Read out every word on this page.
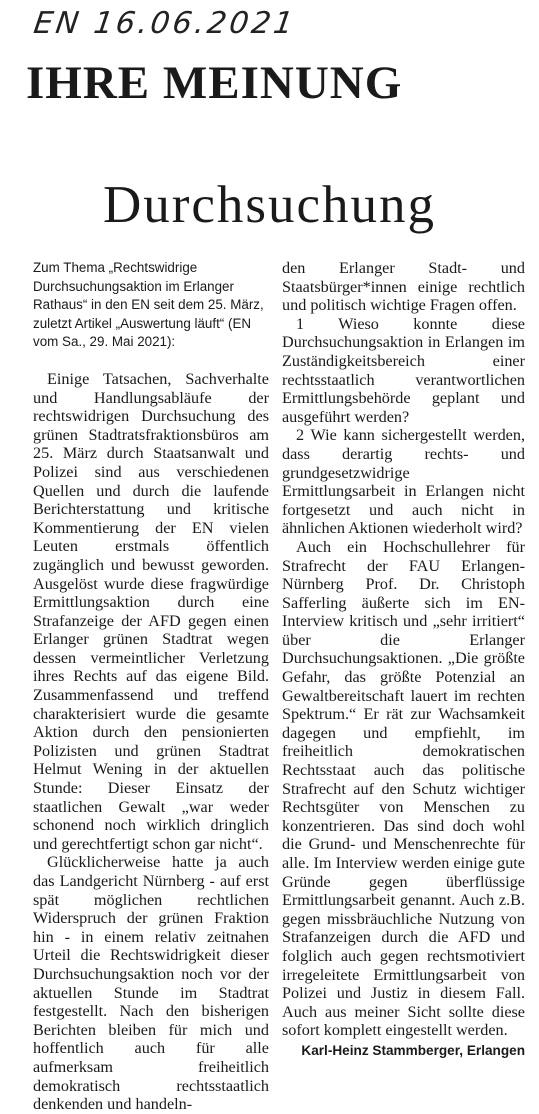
EN 16.06.2021
IHRE MEINUNG
Durchsuchung

Zum Thema „Rechtswidrige Durchsuchungsaktion im Erlanger Rathaus“ in den EN seit dem 25. März, zuletzt Artikel „Auswertung läuft“ (EN vom Sa., 29. Mai 2021):

Einige Tatsachen, Sachverhalte und Handlungsabläufe der rechtswidrigen Durchsuchung des grünen Stadtratsfraktionsbüros am 25. März durch Staatsanwalt und Polizei sind aus verschiedenen Quellen und durch die laufende Berichterstattung und kritische Kommentierung der EN vielen Leuten erstmals öffentlich zugänglich und bewusst geworden. Ausgelöst wurde diese fragwürdige Ermittlungsaktion durch eine Strafanzeige der AFD gegen einen Erlanger grünen Stadtrat wegen dessen vermeintlicher Verletzung ihres Rechts auf das eigene Bild. Zusammenfassend und treffend charakterisiert wurde die gesamte Aktion durch den pensionierten Polizisten und grünen Stadtrat Helmut Wening in der aktuellen Stunde: Dieser Einsatz der staatlichen Gewalt „war weder schonend noch wirklich dringlich und gerechtfertigt schon gar nicht“.

Glücklicherweise hatte ja auch das Landgericht Nürnberg - auf erst spät möglichen rechtlichen Widerspruch der grünen Fraktion hin - in einem relativ zeitnahen Urteil die Rechtswidrigkeit dieser Durchsuchungsaktion noch vor der aktuellen Stunde im Stadtrat festgestellt. Nach den bisherigen Berichten bleiben für mich und hoffentlich auch für alle aufmerksam freiheitlich demokratisch rechtsstaatlich denkenden und handeln-

den Erlanger Stadt- und Staatsbürger*innen einige rechtlich und politisch wichtige Fragen offen.

1 Wieso konnte diese Durchsuchungsaktion in Erlangen im Zuständigkeitsbereich einer rechtsstaatlich verantwortlichen Ermittlungsbehörde geplant und ausgeführt werden?

2 Wie kann sichergestellt werden, dass derartig rechts- und grundgesetzwidrige Ermittlungsarbeit in Erlangen nicht fortgesetzt und auch nicht in ähnlichen Aktionen wiederholt wird?

Auch ein Hochschullehrer für Strafrecht der FAU Erlangen-Nürnberg Prof. Dr. Christoph Safferling äußerte sich im EN-Interview kritisch und „sehr irritiert“ über die Erlanger Durchsuchungsaktionen. „Die größte Gefahr, das größte Potenzial an Gewaltbereitschaft lauert im rechten Spektrum.“ Er rät zur Wachsamkeit dagegen und empfiehlt, im freiheitlich demokratischen Rechtsstaat auch das politische Strafrecht auf den Schutz wichtiger Rechtsgüter von Menschen zu konzentrieren. Das sind doch wohl die Grund- und Menschenrechte für alle. Im Interview werden einige gute Gründe gegen überflüssige Ermittlungsarbeit genannt. Auch z.B. gegen missbräuchliche Nutzung von Strafanzeigen durch die AFD und folglich auch gegen rechtsmotiviert irregeleitete Ermittlungsarbeit von Polizei und Justiz in diesem Fall. Auch aus meiner Sicht sollte diese sofort komplett eingestellt werden.

Karl-Heinz Stammberger, Erlangen
